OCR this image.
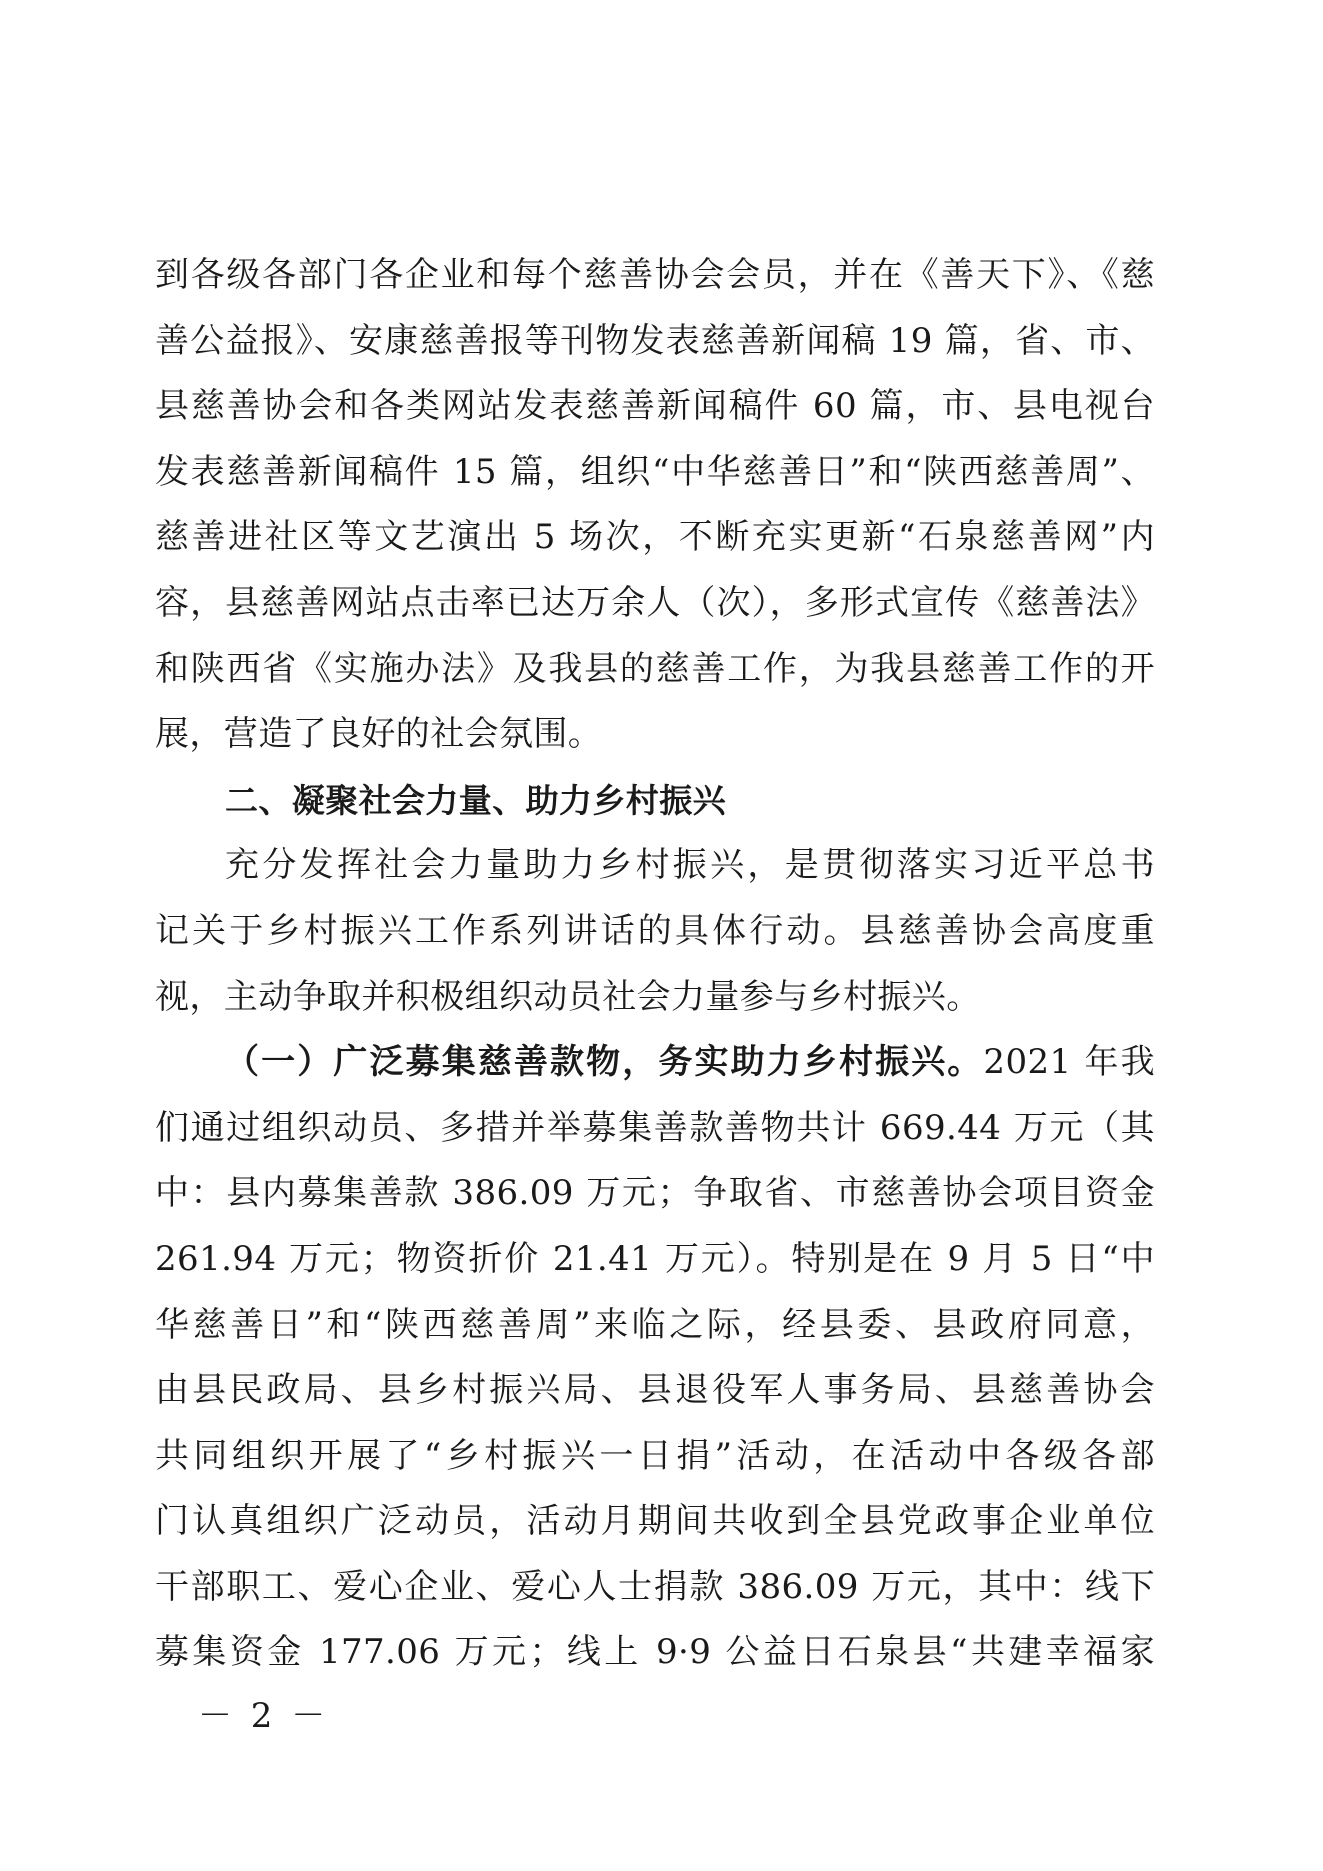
到各级各部门各企业和每个慈善协会会员，并在《善天下》、《慈
善公益报》、安康慈善报等刊物发表慈善新闻稿 19 篇，省、市、
县慈善协会和各类网站发表慈善新闻稿件 60 篇，市、县电视台
发表慈善新闻稿件 15 篇，组织“中华慈善日”和“陕西慈善周”、
慈善进社区等文艺演出 5 场次，不断充实更新“石泉慈善网”内
容，县慈善网站点击率已达万余人（次），多形式宣传《慈善法》
和陕西省《实施办法》及我县的慈善工作，为我县慈善工作的开
展，营造了良好的社会氛围。
二、凝聚社会力量、助力乡村振兴
充分发挥社会力量助力乡村振兴，是贯彻落实习近平总书
记关于乡村振兴工作系列讲话的具体行动。县慈善协会高度重
视，主动争取并积极组织动员社会力量参与乡村振兴。
（一）广泛募集慈善款物，务实助力乡村振兴。2021 年我
们通过组织动员、多措并举募集善款善物共计 669.44 万元（其
中：县内募集善款 386.09 万元；争取省、市慈善协会项目资金
261.94 万元；物资折价 21.41 万元）。特别是在 9 月 5 日“中
华慈善日”和“陕西慈善周”来临之际，经县委、县政府同意，
由县民政局、县乡村振兴局、县退役军人事务局、县慈善协会
共同组织开展了“乡村振兴一日捐”活动，在活动中各级各部
门认真组织广泛动员，活动月期间共收到全县党政事企业单位
干部职工、爱心企业、爱心人士捐款 386.09 万元，其中：线下
募集资金 177.06 万元；线上 9·9 公益日石泉县“共建幸福家
－ 2 －
